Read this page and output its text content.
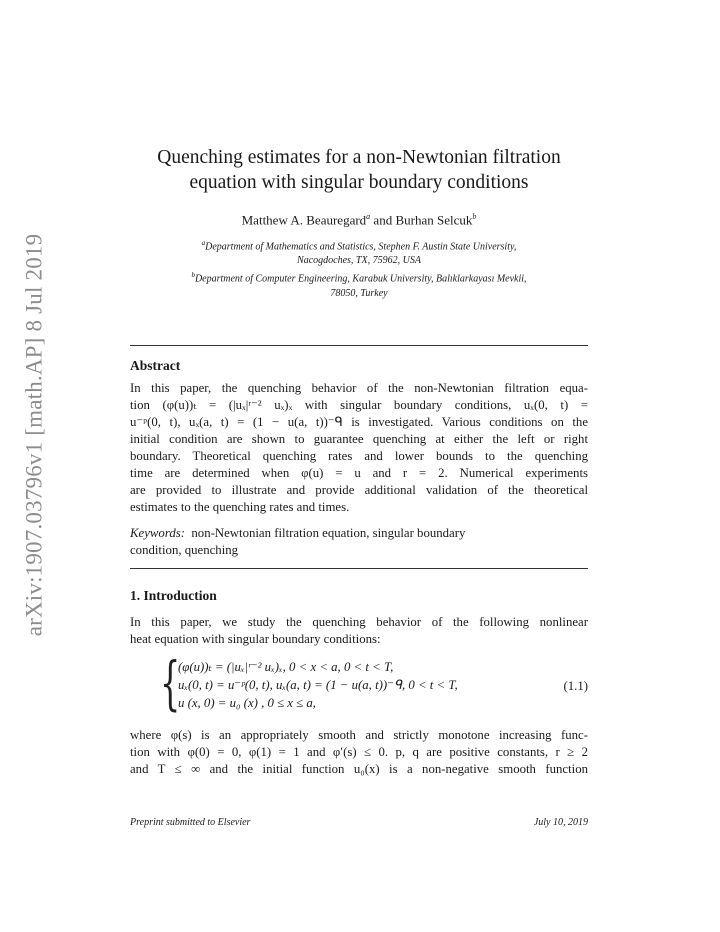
arXiv:1907.03796v1 [math.AP] 8 Jul 2019
Quenching estimates for a non-Newtonian filtration
equation with singular boundary conditions
Matthew A. Beauregard$^a$ and Burhan Selcuk$^b$
$^a$Department of Mathematics and Statistics, Stephen F. Austin State University,
Nacogdoches, TX, 75962, USA
$^b$Department of Computer Engineering, Karabuk University, Balıklarkayası Mevkii,
78050, Turkey
Abstract
In this paper, the quenching behavior of the non-Newtonian filtration equa-
tion (φ(u))ₜ = (|uₓ|ʳ⁻² uₓ)ₓ with singular boundary conditions, uₓ(0, t) =
u⁻ᵖ(0, t), uₓ(a, t) = (1 − u(a, t))⁻ᑫ is investigated. Various conditions on the
initial condition are shown to guarantee quenching at either the left or right
boundary. Theoretical quenching rates and lower bounds to the quenching
time are determined when φ(u) = u and r = 2. Numerical experiments
are provided to illustrate and provide additional validation of the theoretical
estimates to the quenching rates and times.
Keywords: non-Newtonian filtration equation, singular boundary
condition, quenching
1. Introduction
In this paper, we study the quenching behavior of the following nonlinear
heat equation with singular boundary conditions:
{
(φ(u))ₜ = (|uₓ|ʳ⁻² uₓ)ₓ, 0 < x < a, 0 < t < T,
uₓ(0, t) = u⁻ᵖ(0, t), uₓ(a, t) = (1 − u(a, t))⁻ᑫ, 0 < t < T,
u (x, 0) = u₀ (x) , 0 ≤ x ≤ a,
(1.1)
where φ(s) is an appropriately smooth and strictly monotone increasing func-
tion with φ(0) = 0, φ(1) = 1 and φ′(s) ≤ 0. p, q are positive constants, r ≥ 2
and T ≤ ∞ and the initial function u₀(x) is a non-negative smooth function
Preprint submitted to Elsevier	July 10, 2019
